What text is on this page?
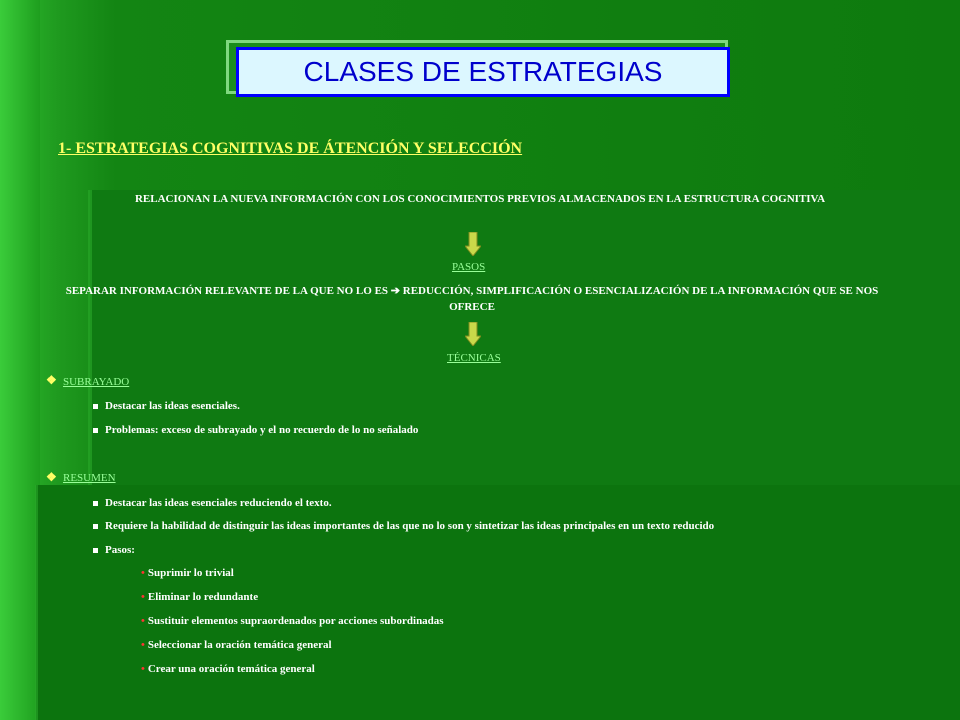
CLASES DE ESTRATEGIAS
1- ESTRATEGIAS COGNITIVAS DE ÁTENCIÓN Y SELECCIÓN
RELACIONAN LA NUEVA INFORMACIÓN CON LOS CONOCIMIENTOS PREVIOS ALMACENADOS EN LA ESTRUCTURA COGNITIVA
PASOS
SEPARAR INFORMACIÓN RELEVANTE DE LA QUE NO LO ES ➔ REDUCCIÓN, SIMPLIFICACIÓN O ESENCIALIZACIÓN DE LA INFORMACIÓN QUE SE NOS OFRECE
TÉCNICAS
❖ SUBRAYADO
Destacar las ideas esenciales.
Problemas: exceso de subrayado y el no recuerdo de lo no señalado
❖ RESUMEN
Destacar las ideas esenciales reduciendo el texto.
Requiere la habilidad de distinguir las ideas importantes de las que no lo son y sintetizar las ideas principales en un texto reducido
Pasos:
• Suprimir lo trivial
• Eliminar lo redundante
• Sustituir elementos supraordenados por acciones subordinadas
• Seleccionar la oración temática general
• Crear una oración temática general
